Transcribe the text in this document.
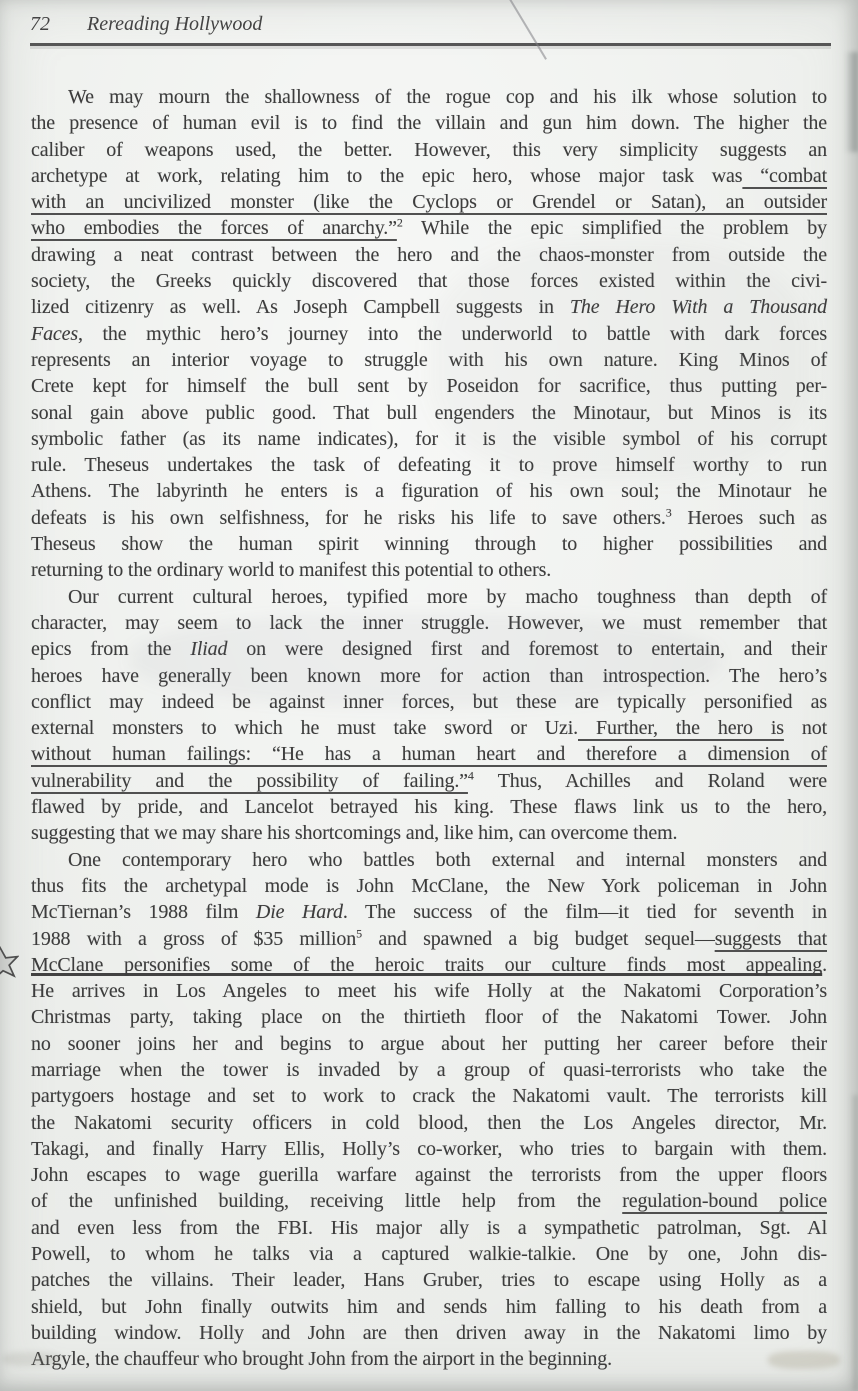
72 Rereading Hollywood
We may mourn the shallowness of the rogue cop and his ilk whose solution to
the presence of human evil is to find the villain and gun him down. The higher the
caliber of weapons used, the better. However, this very simplicity suggests an
archetype at work, relating him to the epic hero, whose major task was “combat
with an uncivilized monster (like the Cyclops or Grendel or Satan), an outsider
who embodies the forces of anarchy.”$^2$ While the epic simplified the problem by
drawing a neat contrast between the hero and the chaos-monster from outside the
society, the Greeks quickly discovered that those forces existed within the civi-
lized citizenry as well. As Joseph Campbell suggests in The Hero With a Thousand
Faces, the mythic hero’s journey into the underworld to battle with dark forces
represents an interior voyage to struggle with his own nature. King Minos of
Crete kept for himself the bull sent by Poseidon for sacrifice, thus putting per-
sonal gain above public good. That bull engenders the Minotaur, but Minos is its
symbolic father (as its name indicates), for it is the visible symbol of his corrupt
rule. Theseus undertakes the task of defeating it to prove himself worthy to run
Athens. The labyrinth he enters is a figuration of his own soul; the Minotaur he
defeats is his own selfishness, for he risks his life to save others.$^3$ Heroes such as
Theseus show the human spirit winning through to higher possibilities and
returning to the ordinary world to manifest this potential to others.
Our current cultural heroes, typified more by macho toughness than depth of
character, may seem to lack the inner struggle. However, we must remember that
epics from the Iliad on were designed first and foremost to entertain, and their
heroes have generally been known more for action than introspection. The hero’s
conflict may indeed be against inner forces, but these are typically personified as
external monsters to which he must take sword or Uzi. Further, the hero is not
without human failings: “He has a human heart and therefore a dimension of
vulnerability and the possibility of failing.”$^4$ Thus, Achilles and Roland were
flawed by pride, and Lancelot betrayed his king. These flaws link us to the hero,
suggesting that we may share his shortcomings and, like him, can overcome them.
One contemporary hero who battles both external and internal monsters and
thus fits the archetypal mode is John McClane, the New York policeman in John
McTiernan’s 1988 film Die Hard. The success of the film—it tied for seventh in
1988 with a gross of $35 million$^5$ and spawned a big budget sequel—suggests that
McClane personifies some of the heroic traits our culture finds most appealing.
He arrives in Los Angeles to meet his wife Holly at the Nakatomi Corporation’s
Christmas party, taking place on the thirtieth floor of the Nakatomi Tower. John
no sooner joins her and begins to argue about her putting her career before their
marriage when the tower is invaded by a group of quasi-terrorists who take the
partygoers hostage and set to work to crack the Nakatomi vault. The terrorists kill
the Nakatomi security officers in cold blood, then the Los Angeles director, Mr.
Takagi, and finally Harry Ellis, Holly’s co-worker, who tries to bargain with them.
John escapes to wage guerilla warfare against the terrorists from the upper floors
of the unfinished building, receiving little help from the regulation-bound police
and even less from the FBI. His major ally is a sympathetic patrolman, Sgt. Al
Powell, to whom he talks via a captured walkie-talkie. One by one, John dis-
patches the villains. Their leader, Hans Gruber, tries to escape using Holly as a
shield, but John finally outwits him and sends him falling to his death from a
building window. Holly and John are then driven away in the Nakatomi limo by
Argyle, the chauffeur who brought John from the airport in the beginning.
